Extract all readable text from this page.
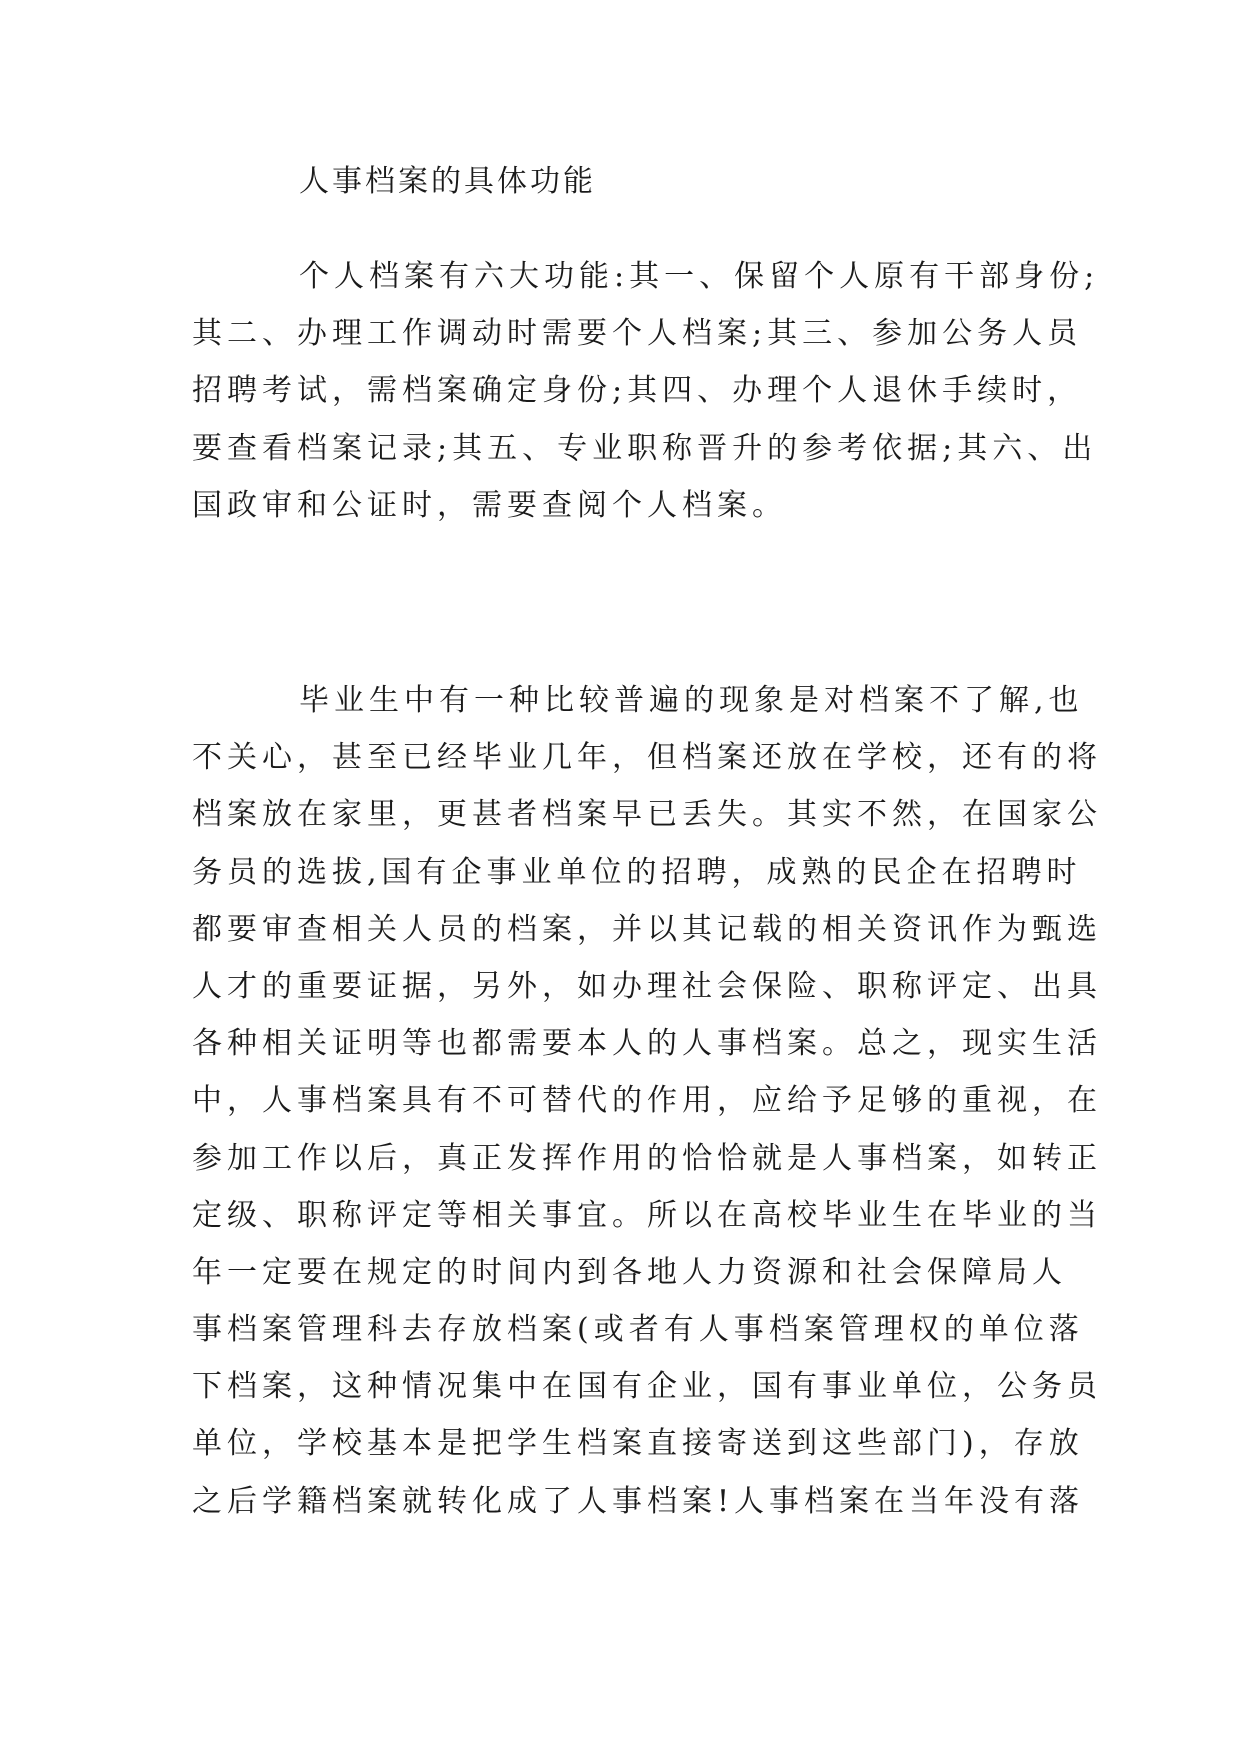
人事档案的具体功能
个人档案有六大功能:其一、保留个人原有干部身份;
其二、办理工作调动时需要个人档案;其三、参加公务人员
招聘考试，需档案确定身份;其四、办理个人退休手续时，
要查看档案记录;其五、专业职称晋升的参考依据;其六、出
国政审和公证时，需要查阅个人档案。
毕业生中有一种比较普遍的现象是对档案不了解,也
不关心，甚至已经毕业几年，但档案还放在学校，还有的将
档案放在家里，更甚者档案早已丢失。其实不然，在国家公
务员的选拔,国有企事业单位的招聘，成熟的民企在招聘时
都要审查相关人员的档案，并以其记载的相关资讯作为甄选
人才的重要证据，另外，如办理社会保险、职称评定、出具
各种相关证明等也都需要本人的人事档案。总之，现实生活
中，人事档案具有不可替代的作用，应给予足够的重视，在
参加工作以后，真正发挥作用的恰恰就是人事档案，如转正
定级、职称评定等相关事宜。所以在高校毕业生在毕业的当
年一定要在规定的时间内到各地人力资源和社会保障局人
事档案管理科去存放档案(或者有人事档案管理权的单位落
下档案，这种情况集中在国有企业，国有事业单位，公务员
单位，学校基本是把学生档案直接寄送到这些部门)，存放
之后学籍档案就转化成了人事档案!人事档案在当年没有落
